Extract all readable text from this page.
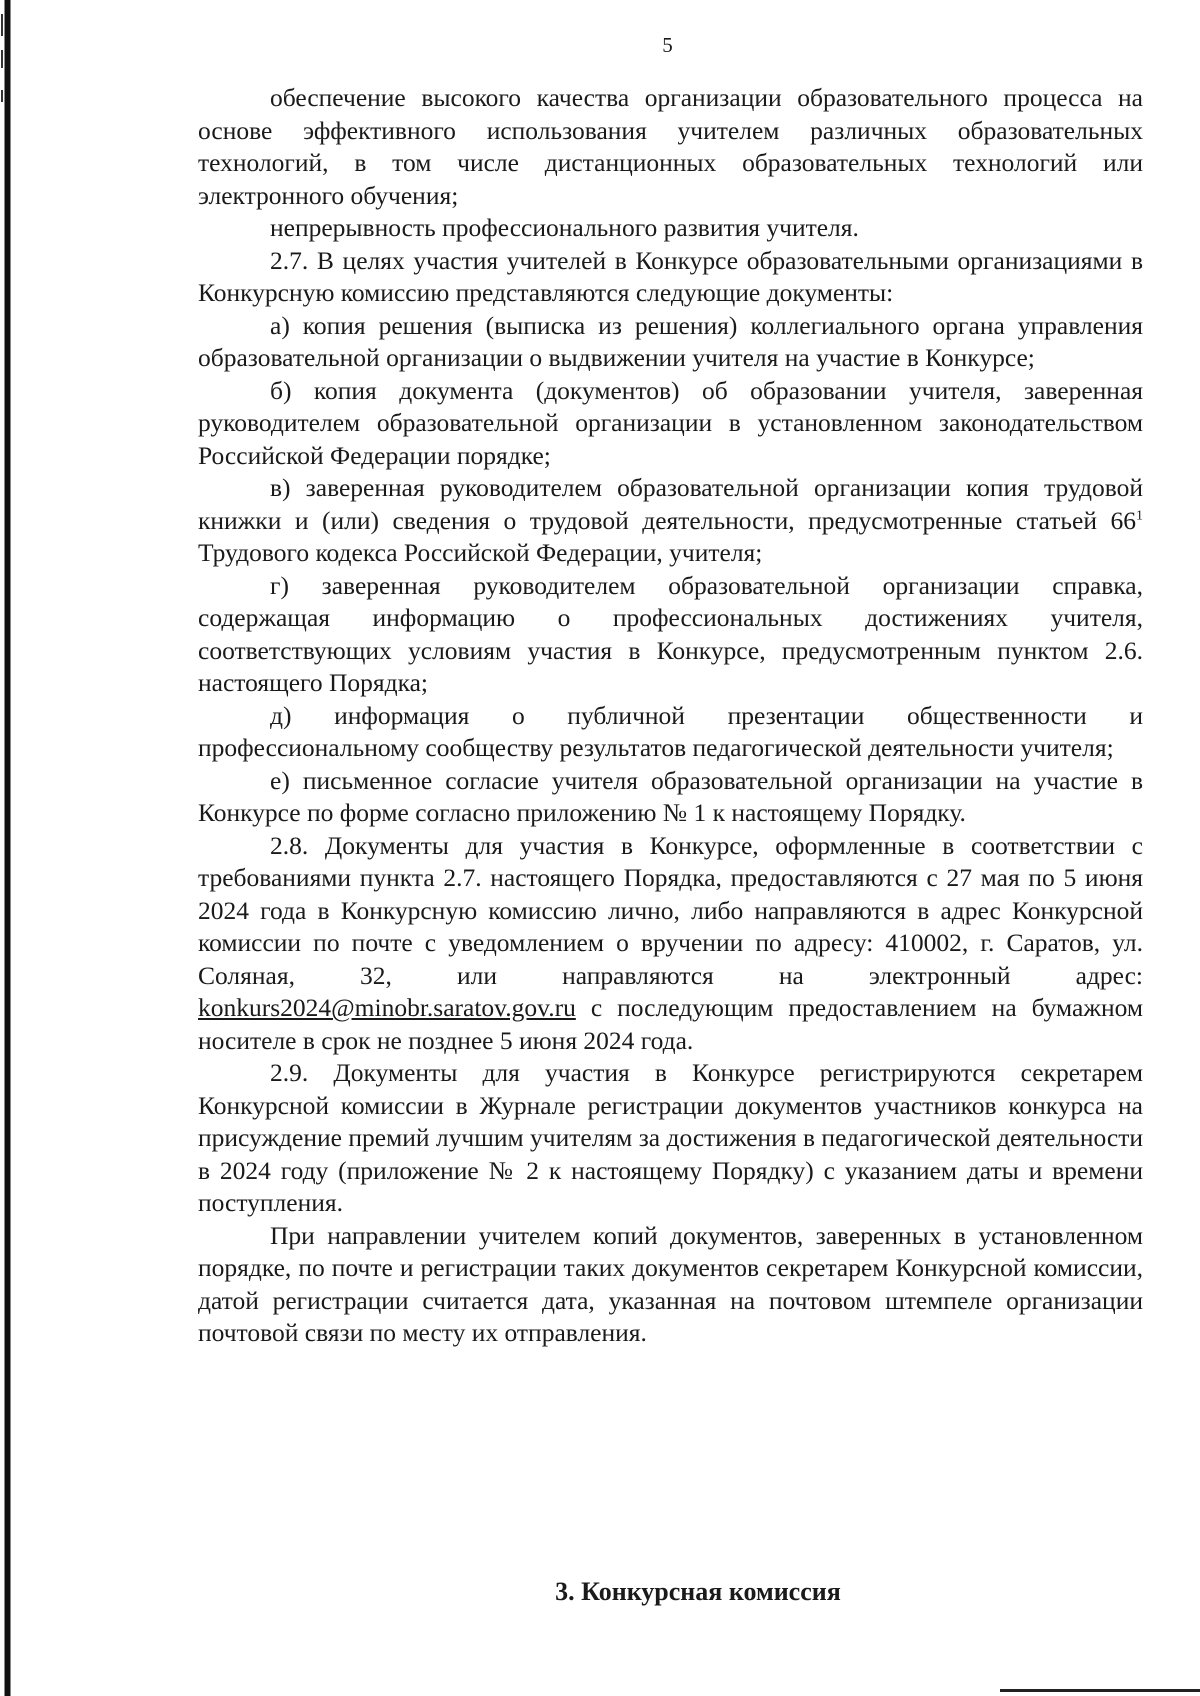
5

обеспечение высокого качества организации образовательного процесса на основе эффективного использования учителем различных образовательных технологий, в том числе дистанционных образовательных технологий или электронного обучения;

непрерывность профессионального развития учителя.

2.7. В целях участия учителей в Конкурсе образовательными организациями в Конкурсную комиссию представляются следующие документы:

а) копия решения (выписка из решения) коллегиального органа управления образовательной организации о выдвижении учителя на участие в Конкурсе;

б) копия документа (документов) об образовании учителя, заверенная руководителем образовательной организации в установленном законодательством Российской Федерации порядке;

в) заверенная руководителем образовательной организации копия трудовой книжки и (или) сведения о трудовой деятельности, предусмотренные статьей 66$^1$ Трудового кодекса Российской Федерации, учителя;

г) заверенная руководителем образовательной организации справка, содержащая информацию о профессиональных достижениях учителя, соответствующих условиям участия в Конкурсе, предусмотренным пунктом 2.6. настоящего Порядка;

д) информация о публичной презентации общественности и профессиональному сообществу результатов педагогической деятельности учителя;

е) письменное согласие учителя образовательной организации на участие в Конкурсе по форме согласно приложению № 1 к настоящему Порядку.

2.8. Документы для участия в Конкурсе, оформленные в соответствии с требованиями пункта 2.7. настоящего Порядка, предоставляются с 27 мая по 5 июня 2024 года в Конкурсную комиссию лично, либо направляются в адрес Конкурсной комиссии по почте с уведомлением о вручении по адресу: 410002, г. Саратов, ул. Соляная, 32, или направляются на электронный адрес: konkurs2024@minobr.saratov.gov.ru с последующим предоставлением на бумажном носителе в срок не позднее 5 июня 2024 года.

2.9. Документы для участия в Конкурсе регистрируются секретарем Конкурсной комиссии в Журнале регистрации документов участников конкурса на присуждение премий лучшим учителям за достижения в педагогической деятельности в 2024 году (приложение № 2 к настоящему Порядку) с указанием даты и времени поступления.

При направлении учителем копий документов, заверенных в установленном порядке, по почте и регистрации таких документов секретарем Конкурсной комиссии, датой регистрации считается дата, указанная на почтовом штемпеле организации почтовой связи по месту их отправления.

3. Конкурсная комиссия
